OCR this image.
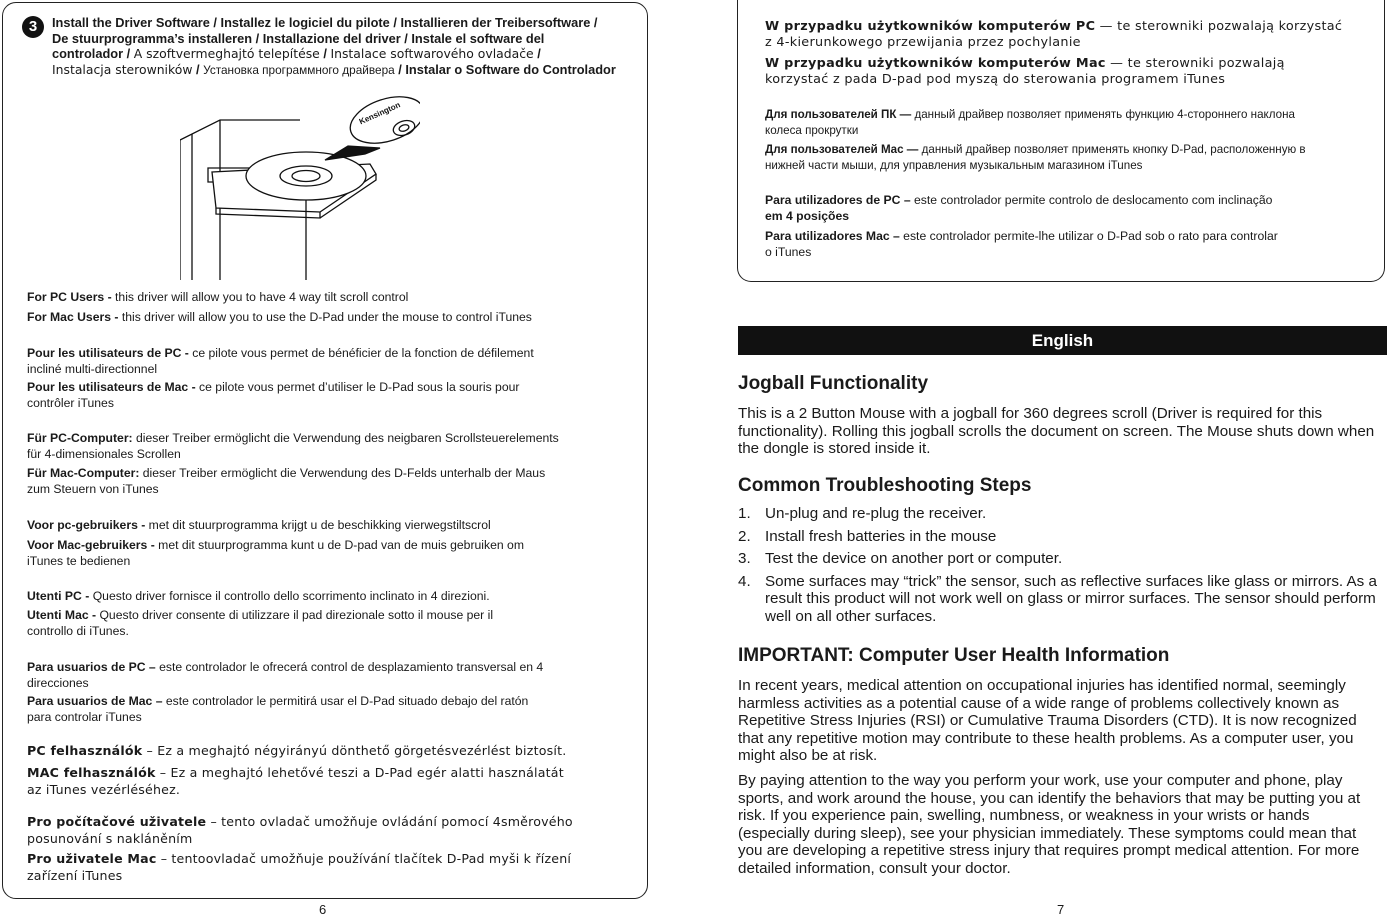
3	Install the Driver Software / Installez le logiciel du pilote / Installieren der Treibersoftware /
De stuurprogramma’s installeren / Installazione del driver / Instale el software del
controlador / A szoftvermeghajtó telepítése / Instalace softwarového ovladače /
Instalacja sterowników / Установка программного драйвера / Instalar o Software do Controlador
Kensington
For PC Users - this driver will allow you to have 4 way tilt scroll control
For Mac Users - this driver will allow you to use the D-Pad under the mouse to control iTunes
Pour les utilisateurs de PC - ce pilote vous permet de bénéficier de la fonction de défilement
incliné multi-directionnel
Pour les utilisateurs de Mac - ce pilote vous permet d’utiliser le D-Pad sous la souris pour
contrôler iTunes
Für PC-Computer: dieser Treiber ermöglicht die Verwendung des neigbaren Scrollsteuerelements
für 4-dimensionales Scrollen
Für Mac-Computer: dieser Treiber ermöglicht die Verwendung des D-Felds unterhalb der Maus
zum Steuern von iTunes
Voor pc-gebruikers - met dit stuurprogramma krijgt u de beschikking vierwegstiltscrol
Voor Mac-gebruikers - met dit stuurprogramma kunt u de D-pad van de muis gebruiken om
iTunes te bedienen
Utenti PC - Questo driver fornisce il controllo dello scorrimento inclinato in 4 direzioni.
Utenti Mac - Questo driver consente di utilizzare il pad direzionale sotto il mouse per il
controllo di iTunes.
Para usuarios de PC – este controlador le ofrecerá control de desplazamiento transversal en 4
direcciones
Para usuarios de Mac – este controlador le permitirá usar el D-Pad situado debajo del ratón
para controlar iTunes
PC felhasználók – Ez a meghajtó négyirányú dönthető görgetésvezérlést biztosít.
MAC felhasználók – Ez a meghajtó lehetővé teszi a D-Pad egér alatti használatát
az iTunes vezérléséhez.
Pro počítačové uživatele – tento ovladač umožňuje ovládání pomocí 4směrového
posunování s nakláněním
Pro uživatele Mac – tentoovladač umožňuje používání tlačítek D-Pad myši k řízení
zařízení iTunes
6
W przypadku użytkowników komputerów PC — te sterowniki pozwalają korzystać
z 4-kierunkowego przewijania przez pochylanie
W przypadku użytkowników komputerów Mac — te sterowniki pozwalają
korzystać z pada D-pad pod myszą do sterowania programem iTunes
Для пользователей ПК — данный драйвер позволяет применять функцию 4-стороннего наклона
колеса прокрутки
Для пользователей Mac — данный драйвер позволяет применять кнопку D-Pad, расположенную в
нижней части мыши, для управления музыкальным магазином iTunes
Para utilizadores de PC – este controlador permite controlo de deslocamento com inclinação
em 4 posições
Para utilizadores Mac – este controlador permite-lhe utilizar o D-Pad sob o rato para controlar
o iTunes
English
Jogball Functionality
This is a 2 Button Mouse with a jogball for 360 degrees scroll (Driver is required for this functionality). Rolling this jogball scrolls the document on screen. The Mouse shuts down when the dongle is stored inside it.
Common Troubleshooting Steps
1. Un-plug and re-plug the receiver.
2. Install fresh batteries in the mouse
3. Test the device on another port or computer.
4. Some surfaces may “trick” the sensor, such as reflective surfaces like glass or mirrors. As a result this product will not work well on glass or mirror surfaces. The sensor should perform well on all other surfaces.
IMPORTANT: Computer User Health Information
In recent years, medical attention on occupational injuries has identified normal, seemingly harmless activities as a potential cause of a wide range of problems collectively known as Repetitive Stress Injuries (RSI) or Cumulative Trauma Disorders (CTD). It is now recognized that any repetitive motion may contribute to these health problems. As a computer user, you might also be at risk.
By paying attention to the way you perform your work, use your computer and phone, play sports, and work around the house, you can identify the behaviors that may be putting you at risk. If you experience pain, swelling, numbness, or weakness in your wrists or hands (especially during sleep), see your physician immediately. These symptoms could mean that you are developing a repetitive stress injury that requires prompt medical attention. For more detailed information, consult your doctor.
7
